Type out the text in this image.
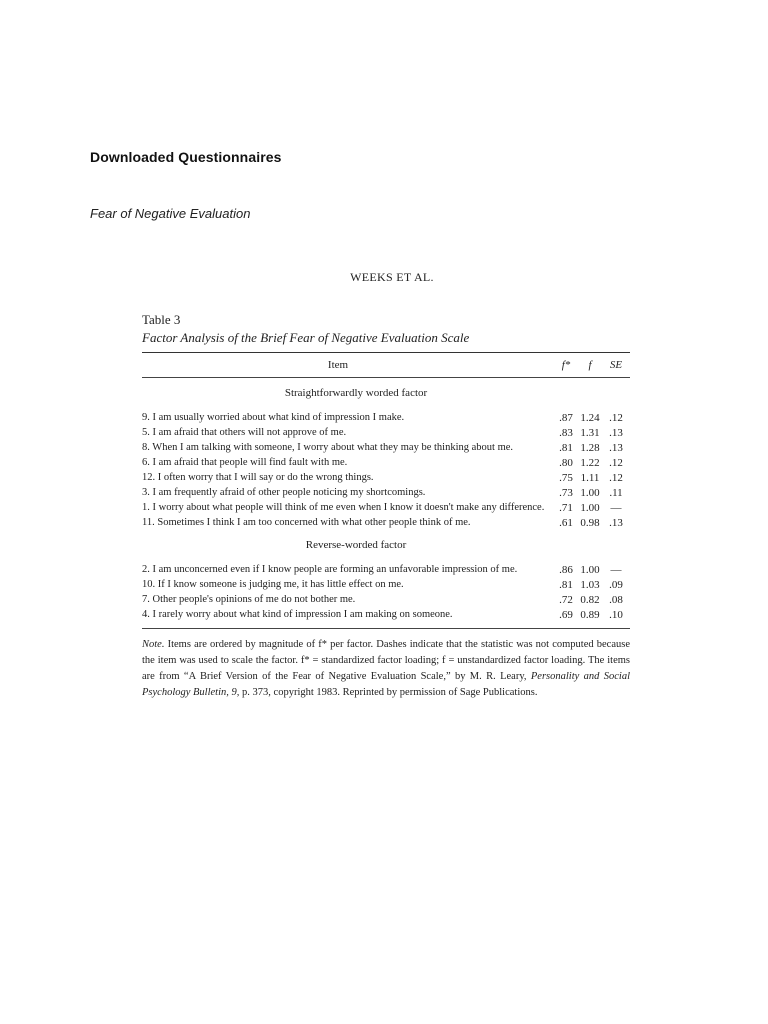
Downloaded Questionnaires
Fear of Negative Evaluation
WEEKS ET AL.
Table 3
Factor Analysis of the Brief Fear of Negative Evaluation Scale
Item	f*	f	SE
Straightforwardly worded factor
9. I am usually worried about what kind of impression I make.	.87 1.24 .12
5. I am afraid that others will not approve of me.	.83 1.31 .13
8. When I am talking with someone, I worry about what they may be thinking about me.	.81 1.28 .13
6. I am afraid that people will find fault with me.	.80 1.22 .12
12. I often worry that I will say or do the wrong things.	.75 1.11 .12
3. I am frequently afraid of other people noticing my shortcomings.	.73 1.00 .11
1. I worry about what people will think of me even when I know it doesn't make any difference.	.71 1.00 —
11. Sometimes I think I am too concerned with what other people think of me.	.61 0.98 .13
Reverse-worded factor
2. I am unconcerned even if I know people are forming an unfavorable impression of me.	.86 1.00 —
10. If I know someone is judging me, it has little effect on me.	.81 1.03 .09
7. Other people's opinions of me do not bother me.	.72 0.82 .08
4. I rarely worry about what kind of impression I am making on someone.	.69 0.89 .10
Note. Items are ordered by magnitude of f* per factor. Dashes indicate that the statistic was not computed because the item was used to scale the factor. f* = standardized factor loading; f = unstandardized factor loading. The items are from “A Brief Version of the Fear of Negative Evaluation Scale,” by M. R. Leary, Personality and Social Psychology Bulletin, 9, p. 373, copyright 1983. Reprinted by permission of Sage Publications.
